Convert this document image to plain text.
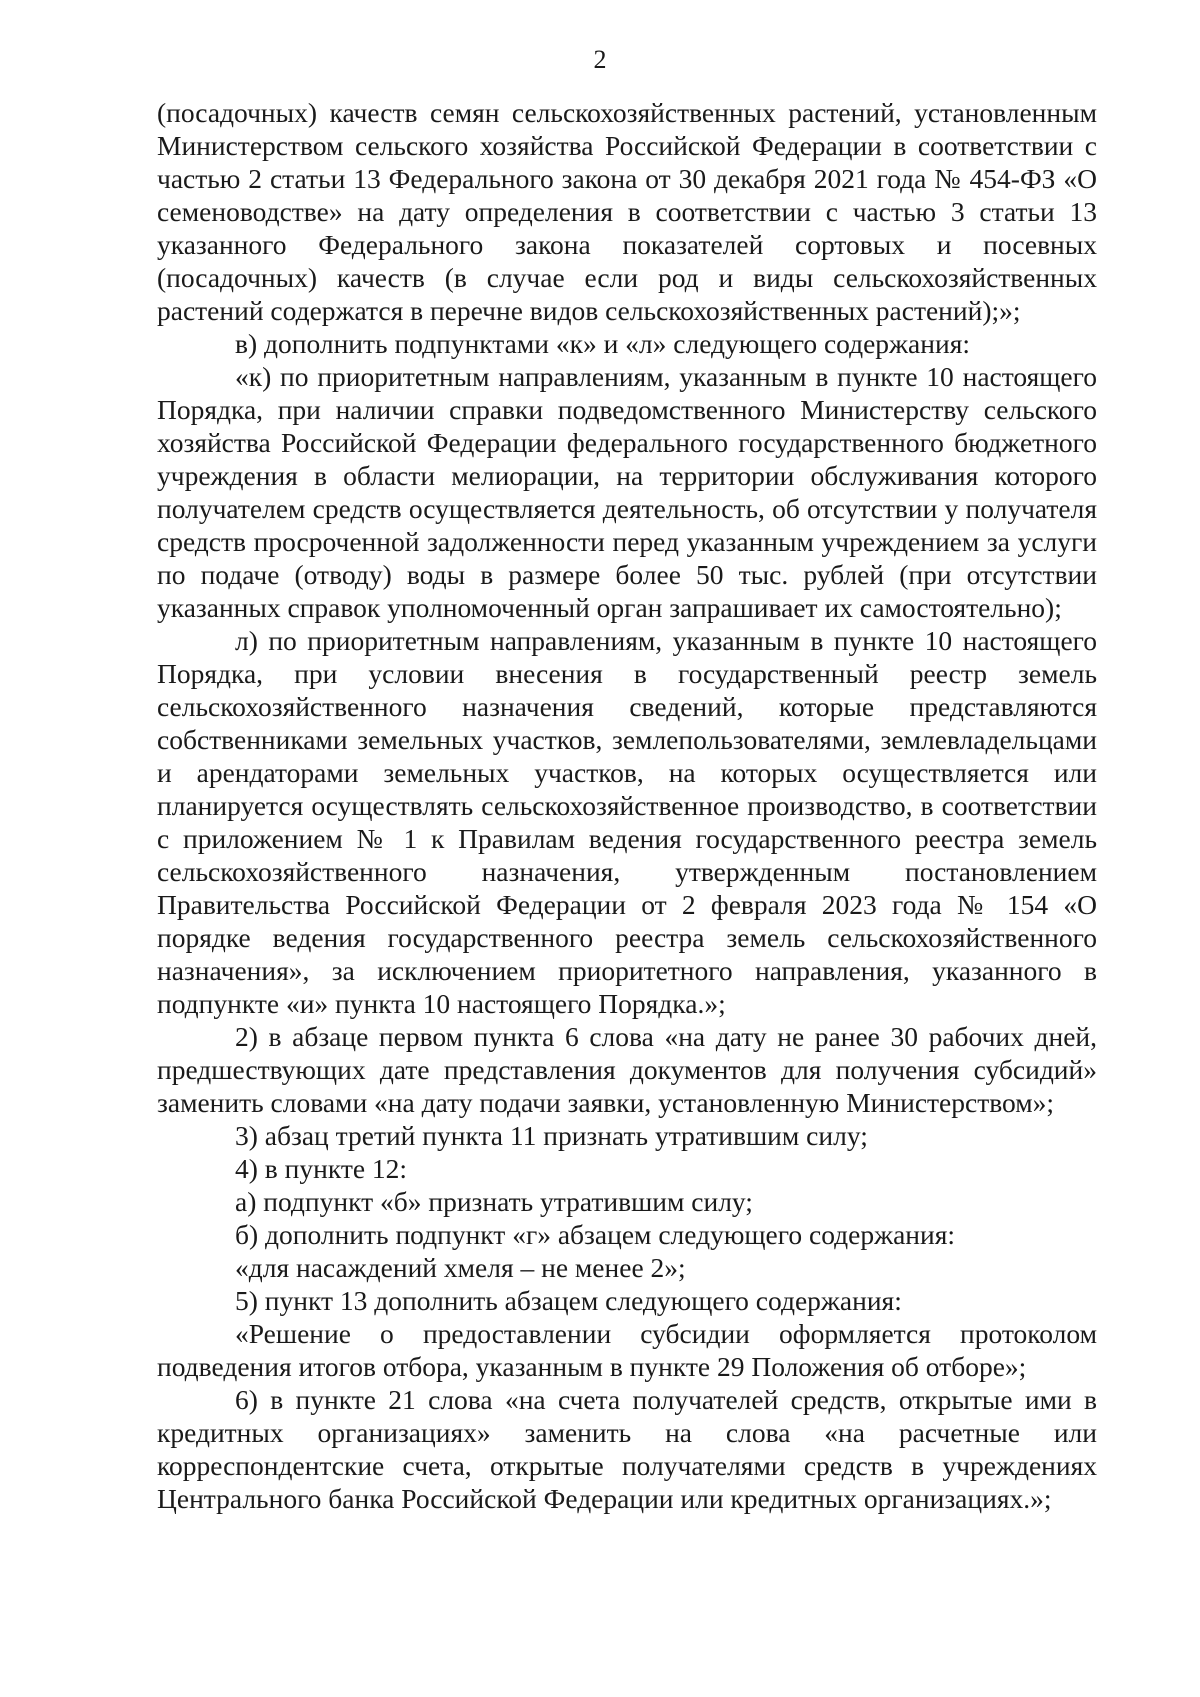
2

(посадочных) качеств семян сельскохозяйственных растений, установленным Министерством сельского хозяйства Российской Федерации в соответствии с частью 2 статьи 13 Федерального закона от 30 декабря 2021 года № 454-ФЗ «О семеноводстве» на дату определения в соответствии с частью 3 статьи 13 указанного Федерального закона показателей сортовых и посевных (посадочных) качеств (в случае если род и виды сельскохозяйственных растений содержатся в перечне видов сельскохозяйственных растений);»;

в) дополнить подпунктами «к» и «л» следующего содержания:

«к) по приоритетным направлениям, указанным в пункте 10 настоящего Порядка, при наличии справки подведомственного Министерству сельского хозяйства Российской Федерации федерального государственного бюджетного учреждения в области мелиорации, на территории обслуживания которого получателем средств осуществляется деятельность, об отсутствии у получателя средств просроченной задолженности перед указанным учреждением за услуги по подаче (отводу) воды в размере более 50 тыс. рублей (при отсутствии указанных справок уполномоченный орган запрашивает их самостоятельно);

л) по приоритетным направлениям, указанным в пункте 10 настоящего Порядка, при условии внесения в государственный реестр земель сельскохозяйственного назначения сведений, которые представляются собственниками земельных участков, землепользователями, землевладельцами и арендаторами земельных участков, на которых осуществляется или планируется осуществлять сельскохозяйственное производство, в соответствии с приложением № 1 к Правилам ведения государственного реестра земель сельскохозяйственного назначения, утвержденным постановлением Правительства Российской Федерации от 2 февраля 2023 года № 154 «О порядке ведения государственного реестра земель сельскохозяйственного назначения», за исключением приоритетного направления, указанного в подпункте «и» пункта 10 настоящего Порядка.»;

2) в абзаце первом пункта 6 слова «на дату не ранее 30 рабочих дней, предшествующих дате представления документов для получения субсидий» заменить словами «на дату подачи заявки, установленную Министерством»;

3) абзац третий пункта 11 признать утратившим силу;

4) в пункте 12:

а) подпункт «б» признать утратившим силу;

б) дополнить подпункт «г» абзацем следующего содержания:

«для насаждений хмеля – не менее 2»;

5) пункт 13 дополнить абзацем следующего содержания:

«Решение о предоставлении субсидии оформляется протоколом подведения итогов отбора, указанным в пункте 29 Положения об отборе»;

6) в пункте 21 слова «на счета получателей средств, открытые ими в кредитных организациях» заменить на слова «на расчетные или корреспондентские счета, открытые получателями средств в учреждениях Центрального банка Российской Федерации или кредитных организациях.»;
